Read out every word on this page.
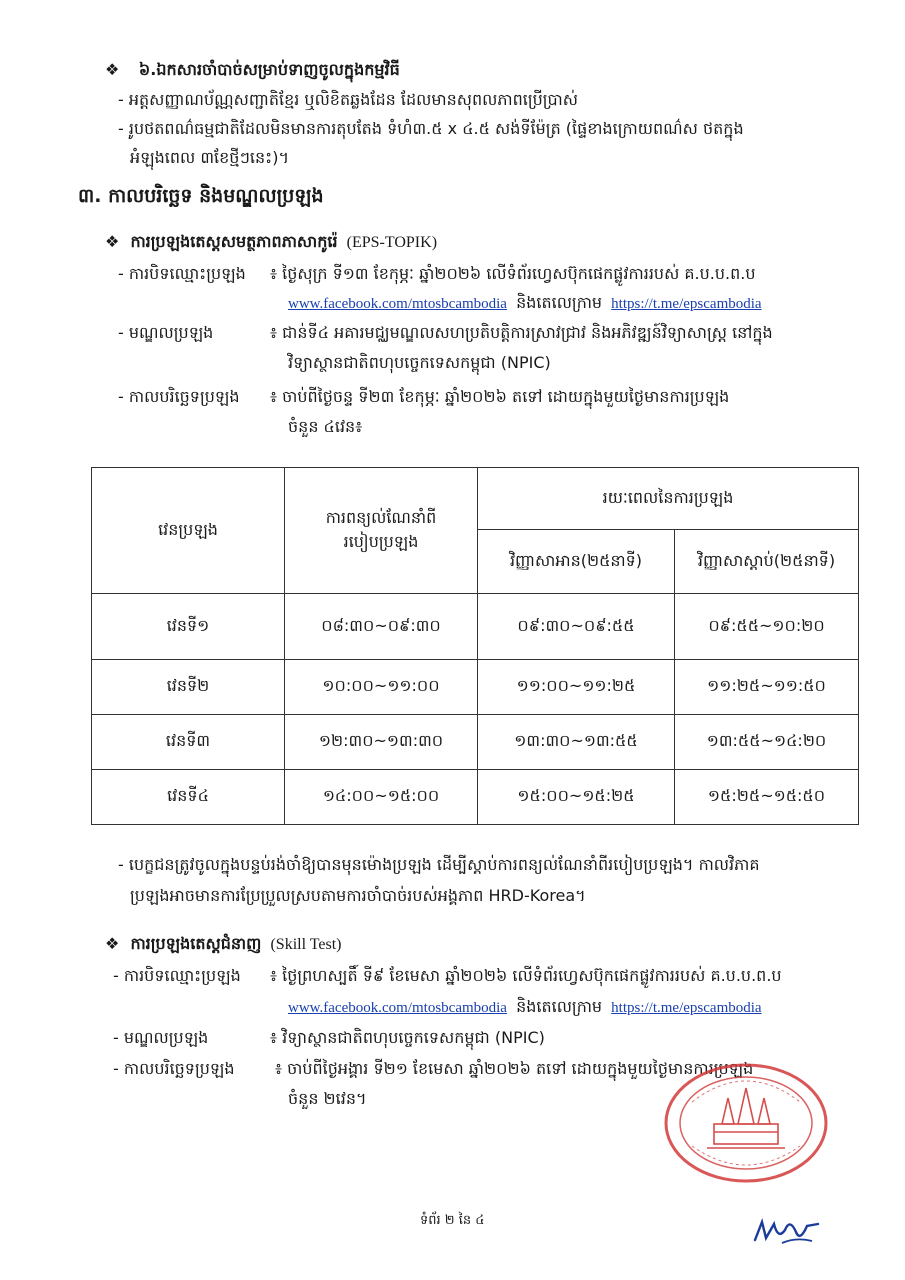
❖ ៦.ឯកសារចាំបាច់សម្រាប់ទាញចូលក្នុងកម្មវិធី
- អត្តសញ្ញាណប័ណ្ណសញ្ជាតិខ្មែរ ឬលិខិតឆ្លងដែន ដែលមានសុពលភាពប្រើប្រាស់
- រូបថតពណ៌ធម្មជាតិដែលមិនមានការតុបតែង ទំហំ៣.៥ x ៤.៥ សង់ទីម៉ែត្រ (ផ្ទៃខាងក្រោយពណ៌ស ថតក្នុង
អំឡុងពេល ៣ខែថ្មីៗនេះ)។
៣. កាលបរិច្ឆេទ និងមណ្ឌលប្រឡង
❖ ការប្រឡងតេស្តសមត្ថភាពភាសាកូរ៉េ (EPS-TOPIK)
- ការបិទឈ្មោះប្រឡង ៖ ថ្ងៃសុក្រ ទី១៣ ខែកុម្ភៈ ឆ្នាំ២០២៦ លើទំព័រហ្វេសប៊ុកផេកផ្លូវការរបស់ គ.ប.ប.ព.ប
www.facebook.com/mtosbcambodia និងតេលេក្រាម https://t.me/epscambodia
- មណ្ឌលប្រឡង	៖ ជាន់ទី៤ អគារមជ្ឈមណ្ឌលសហប្រតិបត្តិការស្រាវជ្រាវ និងអភិវឌ្ឍន៍វិទ្យាសាស្ត្រ នៅក្នុង
វិទ្យាស្ថានជាតិពហុបច្ចេកទេសកម្ពុជា (NPIC)
- កាលបរិច្ឆេទប្រឡង ៖ ចាប់ពីថ្ងៃចន្ទ ទី២៣ ខែកុម្ភៈ ឆ្នាំ២០២៦ តទៅ ដោយក្នុងមួយថ្ងៃមានការប្រឡង
ចំនួន ៤វេន៖
វេនប្រឡង	ការពន្យល់ណែនាំពី
របៀបប្រឡង	រយៈពេលនៃការប្រឡង	
		វិញ្ញាសាអាន(២៥នាទី)	វិញ្ញាសាស្តាប់(២៥នាទី)
វេនទី១	០៨:៣០~០៩:៣០	០៩:៣០~០៩:៥៥	០៩:៥៥~១០:២០
វេនទី២	១០:០០~១១:០០	១១:០០~១១:២៥	១១:២៥~១១:៥០
វេនទី៣	១២:៣០~១៣:៣០	១៣:៣០~១៣:៥៥	១៣:៥៥~១៤:២០
វេនទី៤	១៤:០០~១៥:០០	១៥:០០~១៥:២៥	១៥:២៥~១៥:៥០
- បេក្ខជនត្រូវចូលក្នុងបន្ទប់រង់ចាំឱ្យបានមុនម៉ោងប្រឡង ដើម្បីស្តាប់ការពន្យល់ណែនាំពីរបៀបប្រឡង។ កាលវិភាគ
ប្រឡងអាចមានការប្រែប្រួលស្របតាមការចាំបាច់របស់អង្គភាព HRD-Korea។
❖ ការប្រឡងតេស្តជំនាញ (Skill Test)
- ការបិទឈ្មោះប្រឡង ៖ ថ្ងៃព្រហស្បតិ៍ ទី៩ ខែមេសា ឆ្នាំ២០២៦ លើទំព័រហ្វេសប៊ុកផេកផ្លូវការរបស់ គ.ប.ប.ព.ប
www.facebook.com/mtosbcambodia និងតេលេក្រាម https://t.me/epscambodia
- មណ្ឌលប្រឡង	៖ វិទ្យាស្ថានជាតិពហុបច្ចេកទេសកម្ពុជា (NPIC)
- កាលបរិច្ឆេទប្រឡង	៖ ចាប់ពីថ្ងៃអង្គារ ទី២១ ខែមេសា ឆ្នាំ២០២៦ តទៅ ដោយក្នុងមួយថ្ងៃមានការប្រឡង
ចំនួន ២វេន។
ទំព័រ ២ នៃ ៤
